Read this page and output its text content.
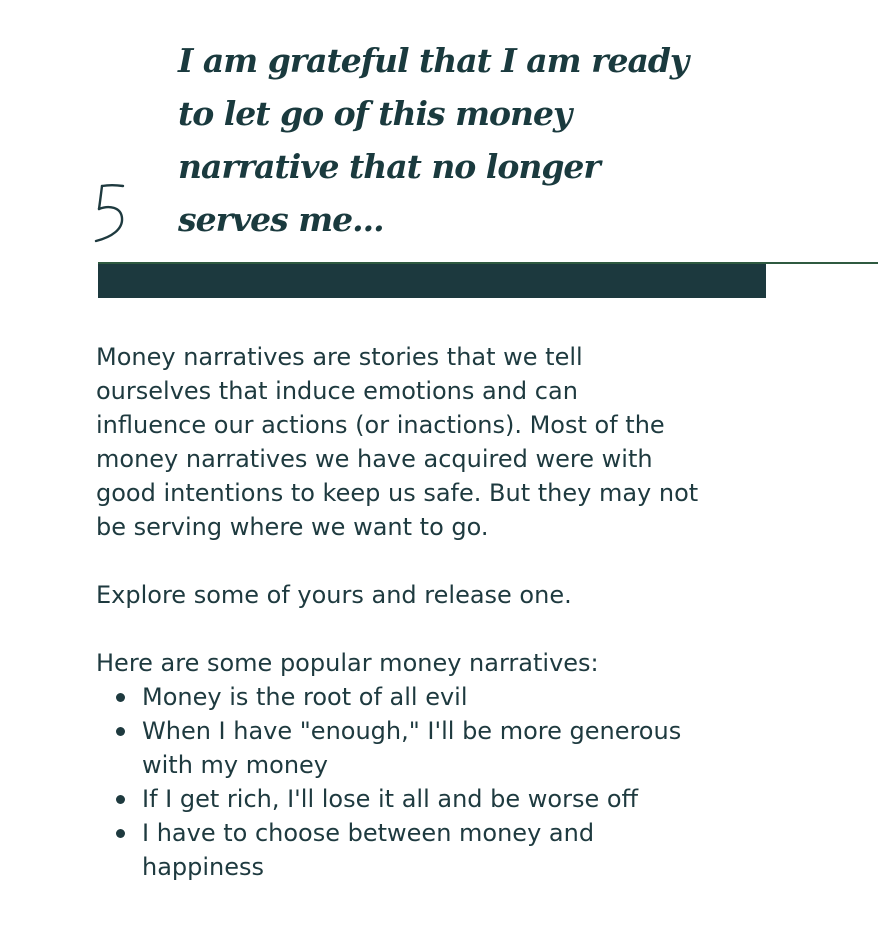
I am grateful that I am ready
to let go of this money
narrative that no longer
serves me...

Money narratives are stories that we tell
ourselves that induce emotions and can
influence our actions (or inactions). Most of the
money narratives we have acquired were with
good intentions to keep us safe. But they may not
be serving where we want to go.

Explore some of yours and release one.

Here are some popular money narratives:

Money is the root of all evil
When I have "enough," I'll be more generous
with my money
If I get rich, I'll lose it all and be worse off
I have to choose between money and
happiness
